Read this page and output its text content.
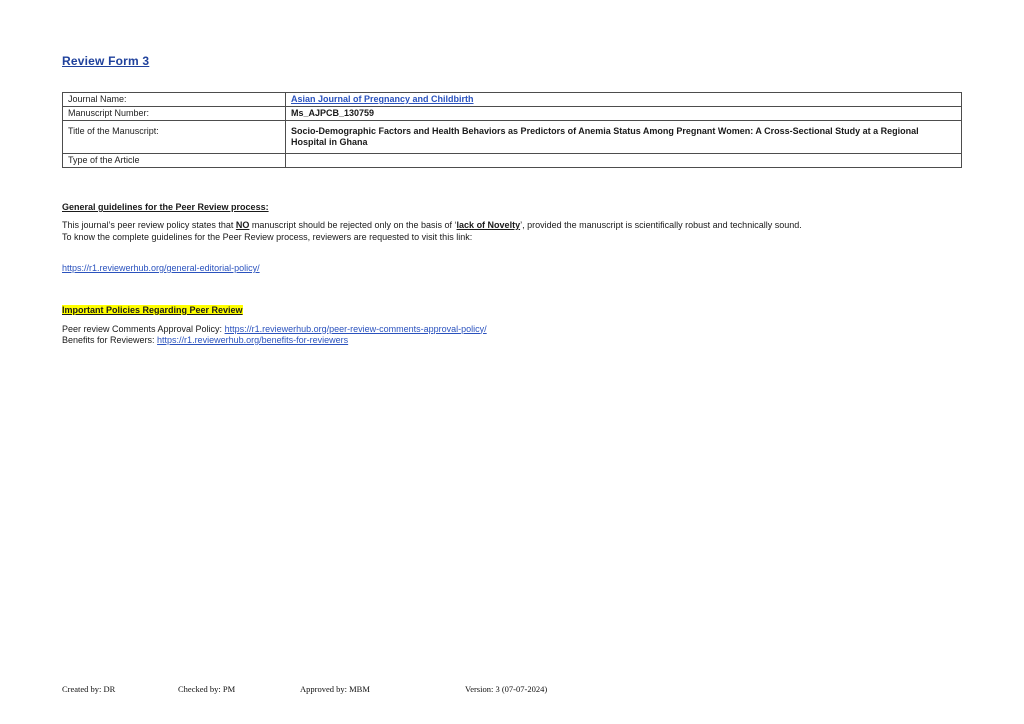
Review Form 3
Journal Name:	Asian Journal of Pregnancy and Childbirth
Manuscript Number:	Ms_AJPCB_130759
Title of the Manuscript:	Socio-Demographic Factors and Health Behaviors as Predictors of Anemia Status Among Pregnant Women: A Cross-Sectional Study at a Regional Hospital in Ghana
Type of the Article	
General guidelines for the Peer Review process:
This journal’s peer review policy states that NO manuscript should be rejected only on the basis of ‘lack of Novelty’, provided the manuscript is scientifically robust and technically sound.
To know the complete guidelines for the Peer Review process, reviewers are requested to visit this link:
https://r1.reviewerhub.org/general-editorial-policy/
Important Policies Regarding Peer Review
Peer review Comments Approval Policy: https://r1.reviewerhub.org/peer-review-comments-approval-policy/
Benefits for Reviewers: https://r1.reviewerhub.org/benefits-for-reviewers
Created by: DR	Checked by: PM	Approved by: MBM	Version: 3 (07-07-2024)
